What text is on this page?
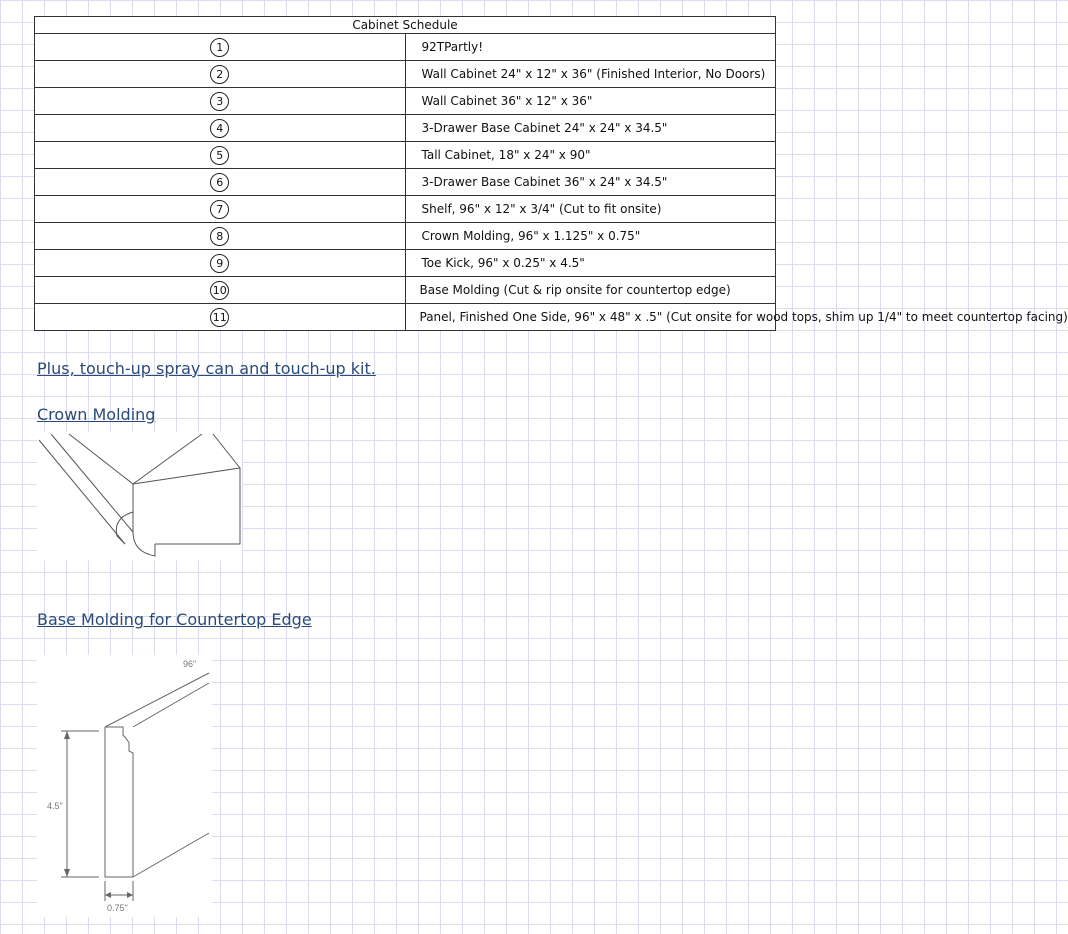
Cabinet Schedule	
1	92TPartly!
2	Wall Cabinet 24" x 12" x 36" (Finished Interior, No Doors)
3	Wall Cabinet 36" x 12" x 36"
4	3-Drawer Base Cabinet 24" x 24" x 34.5"
5	Tall Cabinet, 18" x 24" x 90"
6	3-Drawer Base Cabinet 36" x 24" x 34.5"
7	Shelf, 96" x 12" x 3/4" (Cut to fit onsite)
8	Crown Molding, 96" x 1.125" x 0.75"
9	Toe Kick, 96" x 0.25" x 4.5"
10	Base Molding (Cut & rip onsite for countertop edge)
11	Panel, Finished One Side, 96" x 48" x .5" (Cut onsite for wood tops, shim up 1/4" to meet countertop facing)

Plus, touch-up spray can and touch-up kit.

Crown Molding

Base Molding for Countertop Edge

96"
4.5"
0.75"
